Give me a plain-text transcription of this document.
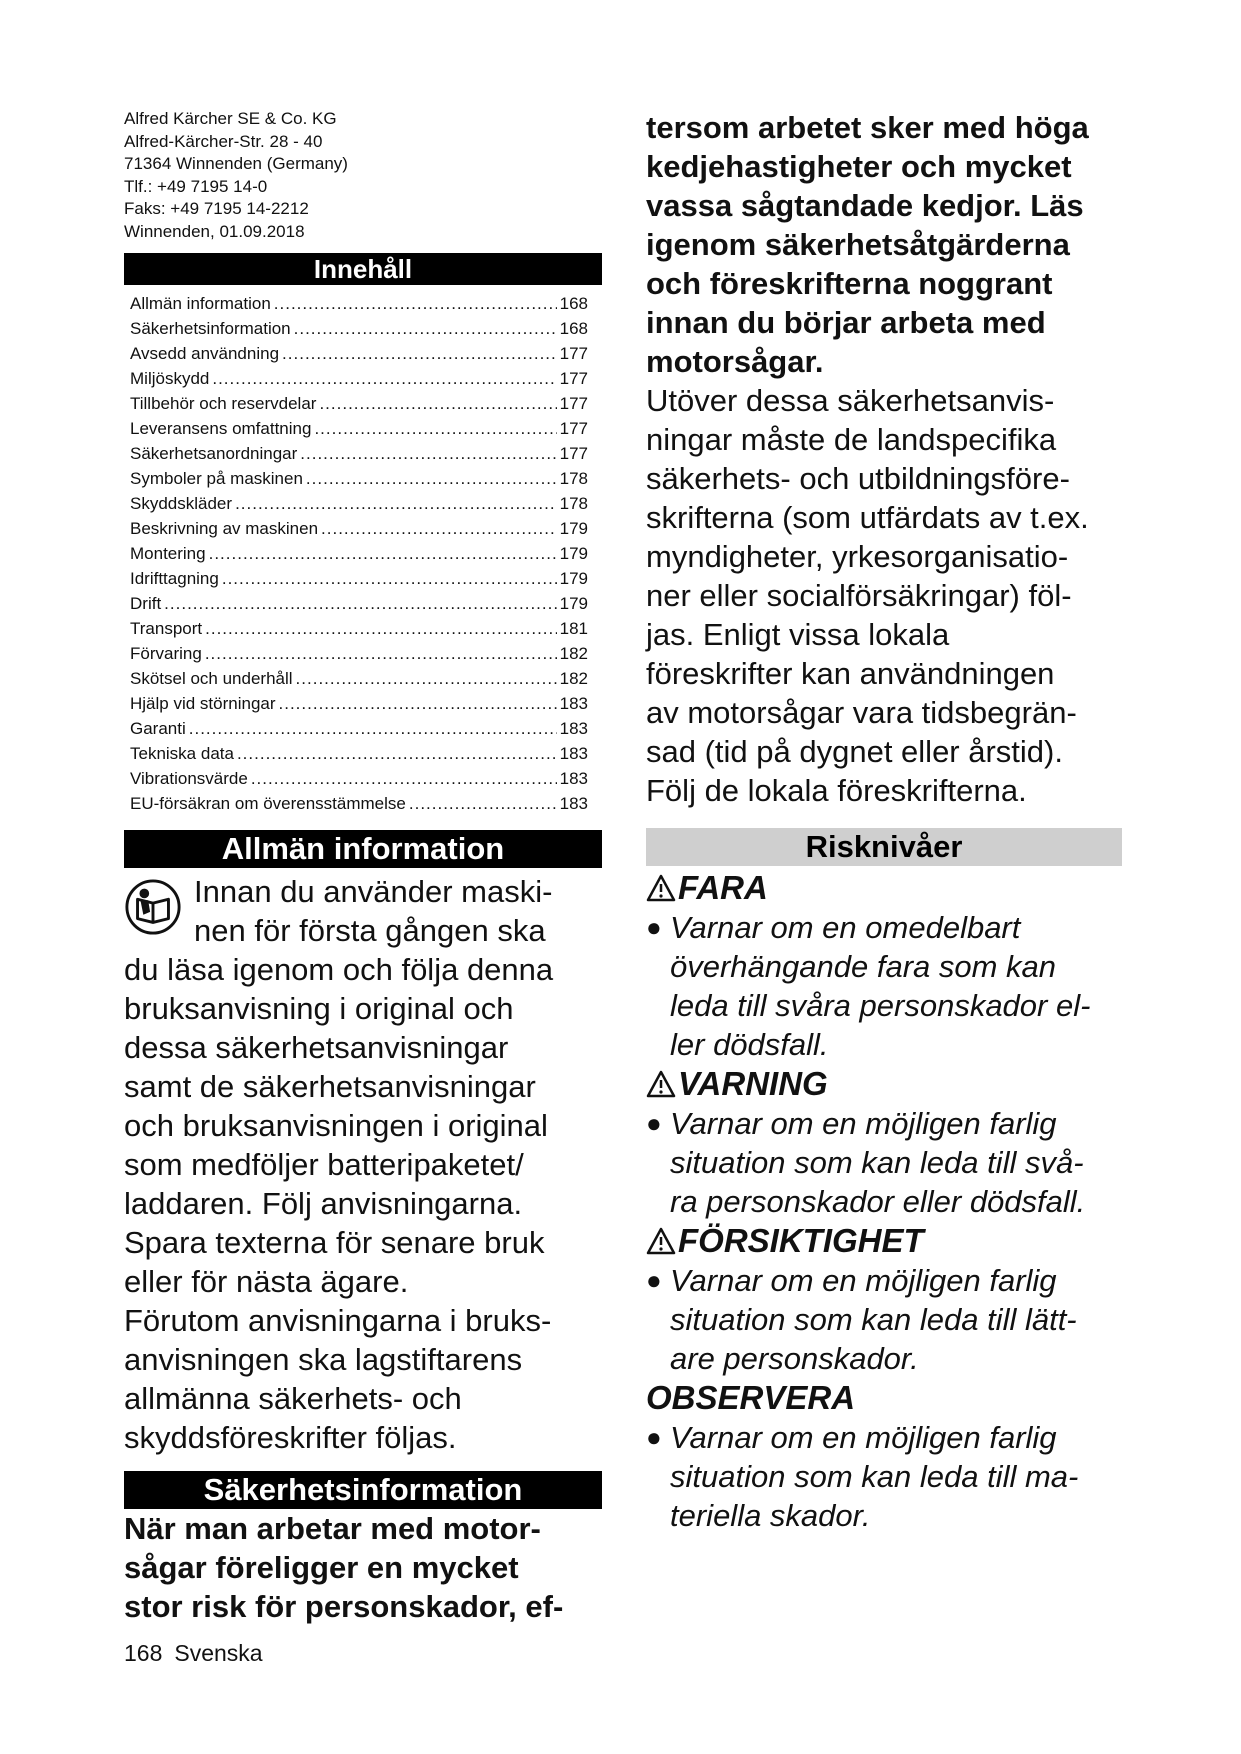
Alfred Kärcher SE & Co. KG
Alfred-Kärcher-Str. 28 - 40
71364 Winnenden (Germany)
Tlf.: +49 7195 14-0
Faks: +49 7195 14-2212
Winnenden, 01.09.2018
Innehåll
Allmän information .....	168
Säkerhetsinformation .....	168
Avsedd användning .....	177
Miljöskydd .....	177
Tillbehör och reservdelar .....	177
Leveransens omfattning .....	177
Säkerhetsanordningar .....	177
Symboler på maskinen .....	178
Skyddskläder .....	178
Beskrivning av maskinen .....	179
Montering .....	179
Idrifttagning .....	179
Drift .....	179
Transport .....	181
Förvaring .....	182
Skötsel och underhåll .....	182
Hjälp vid störningar .....	183
Garanti .....	183
Tekniska data .....	183
Vibrationsvärde .....	183
EU-försäkran om överensstämmelse .....	183
Allmän information
Innan du använder maski-
nen för första gången ska
du läsa igenom och följa denna
bruksanvisning i original och
dessa säkerhetsanvisningar
samt de säkerhetsanvisningar
och bruksanvisningen i original
som medföljer batteripaketet/
laddaren. Följ anvisningarna.
Spara texterna för senare bruk
eller för nästa ägare.
Förutom anvisningarna i bruks-
anvisningen ska lagstiftarens
allmänna säkerhets- och
skyddsföreskrifter följas.
Säkerhetsinformation
När man arbetar med motor-
sågar föreligger en mycket
stor risk för personskador, ef-
tersom arbetet sker med höga
kedjehastigheter och mycket
vassa sågtandade kedjor. Läs
igenom säkerhetsåtgärderna
och föreskrifterna noggrant
innan du börjar arbeta med
motorsågar.
Utöver dessa säkerhetsanvis-
ningar måste de landspecifika
säkerhets- och utbildningsföre-
skrifterna (som utfärdats av t.ex.
myndigheter, yrkesorganisatio-
ner eller socialförsäkringar) föl-
jas. Enligt vissa lokala
föreskrifter kan användningen
av motorsågar vara tidsbegrän-
sad (tid på dygnet eller årstid).
Följ de lokala föreskrifterna.
Risknivåer
FARA
● Varnar om en omedelbart
överhängande fara som kan
leda till svåra personskador el-
ler dödsfall.
VARNING
● Varnar om en möjligen farlig
situation som kan leda till svå-
ra personskador eller dödsfall.
FÖRSIKTIGHET
● Varnar om en möjligen farlig
situation som kan leda till lätt-
are personskador.
OBSERVERA
● Varnar om en möjligen farlig
situation som kan leda till ma-
teriella skador.
168 Svenska
